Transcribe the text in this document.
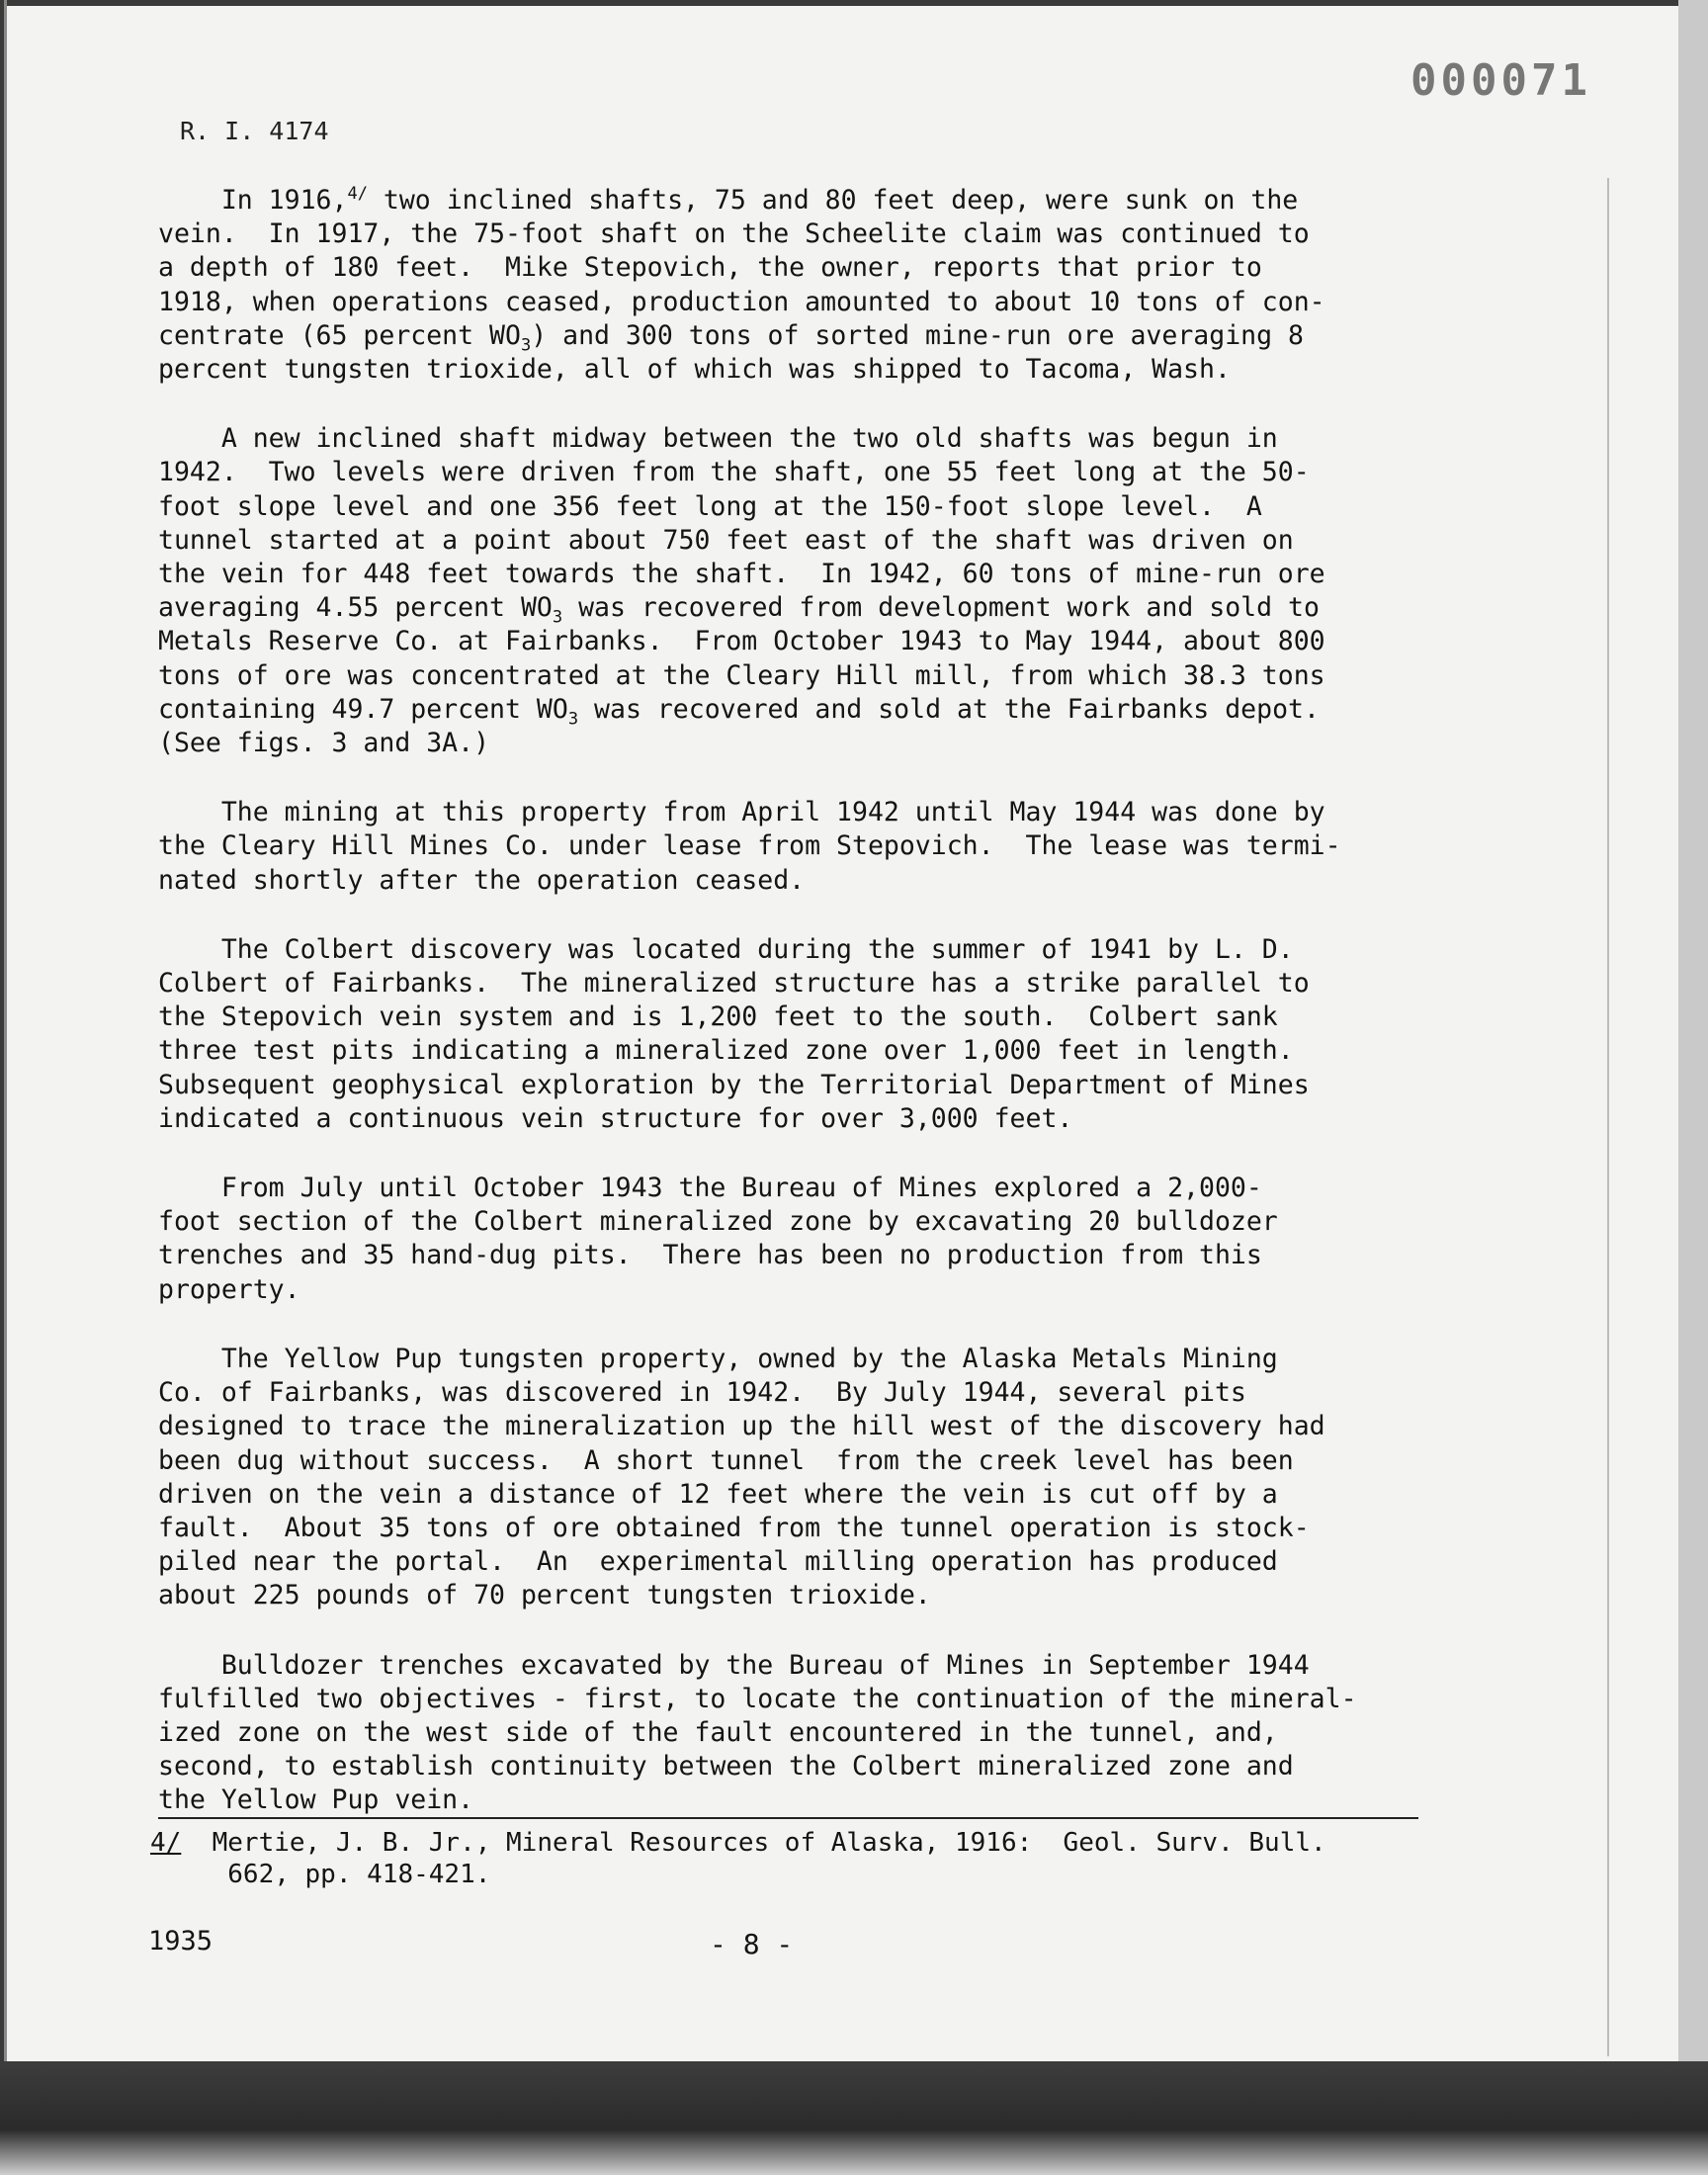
000071
R. I. 4174
In 1916,$^{4/}$ two inclined shafts, 75 and 80 feet deep, were sunk on the
vein.  In 1917, the 75-foot shaft on the Scheelite claim was continued to
a depth of 180 feet.  Mike Stepovich, the owner, reports that prior to
1918, when operations ceased, production amounted to about 10 tons of con-
centrate (65 percent $WO_3$) and 300 tons of sorted mine-run ore averaging 8
percent tungsten trioxide, all of which was shipped to Tacoma, Wash.
A new inclined shaft midway between the two old shafts was begun in
1942.  Two levels were driven from the shaft, one 55 feet long at the 50-
foot slope level and one 356 feet long at the 150-foot slope level.  A
tunnel started at a point about 750 feet east of the shaft was driven on
the vein for 448 feet towards the shaft.  In 1942, 60 tons of mine-run ore
averaging 4.55 percent $WO_3$ was recovered from development work and sold to
Metals Reserve Co. at Fairbanks.  From October 1943 to May 1944, about 800
tons of ore was concentrated at the Cleary Hill mill, from which 38.3 tons
containing 49.7 percent $WO_3$ was recovered and sold at the Fairbanks depot.
(See figs. 3 and 3A.)
The mining at this property from April 1942 until May 1944 was done by
the Cleary Hill Mines Co. under lease from Stepovich.  The lease was termi-
nated shortly after the operation ceased.
The Colbert discovery was located during the summer of 1941 by L. D.
Colbert of Fairbanks.  The mineralized structure has a strike parallel to
the Stepovich vein system and is 1,200 feet to the south.  Colbert sank
three test pits indicating a mineralized zone over 1,000 feet in length.
Subsequent geophysical exploration by the Territorial Department of Mines
indicated a continuous vein structure for over 3,000 feet.
From July until October 1943 the Bureau of Mines explored a 2,000-
foot section of the Colbert mineralized zone by excavating 20 bulldozer
trenches and 35 hand-dug pits.  There has been no production from this
property.
The Yellow Pup tungsten property, owned by the Alaska Metals Mining
Co. of Fairbanks, was discovered in 1942.  By July 1944, several pits
designed to trace the mineralization up the hill west of the discovery had
been dug without success.  A short tunnel  from the creek level has been
driven on the vein a distance of 12 feet where the vein is cut off by a
fault.  About 35 tons of ore obtained from the tunnel operation is stock-
piled near the portal.  An  experimental milling operation has produced
about 225 pounds of 70 percent tungsten trioxide.
Bulldozer trenches excavated by the Bureau of Mines in September 1944
fulfilled two objectives - first, to locate the continuation of the mineral-
ized zone on the west side of the fault encountered in the tunnel, and,
second, to establish continuity between the Colbert mineralized zone and
the Yellow Pup vein.
4/  Mertie, J. B. Jr., Mineral Resources of Alaska, 1916:  Geol. Surv. Bull.
662, pp. 418-421.
1935	- 8 -
